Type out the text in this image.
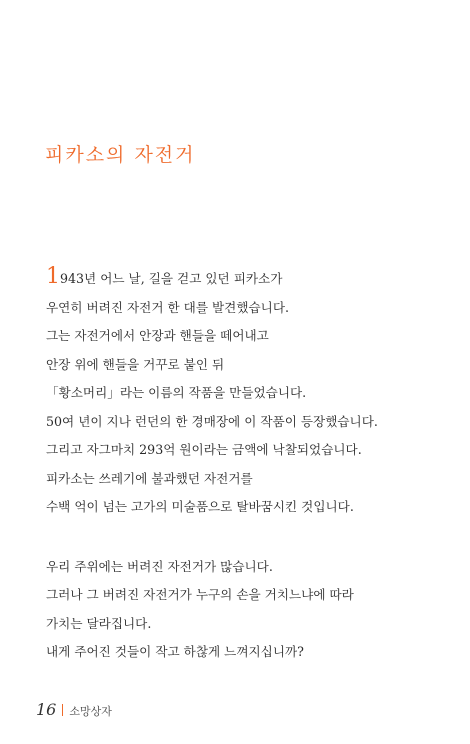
피카소의 자전거
1943년 어느 날, 길을 걷고 있던 피카소가
우연히 버려진 자전거 한 대를 발견했습니다.
그는 자전거에서 안장과 핸들을 떼어내고
안장 위에 핸들을 거꾸로 붙인 뒤
「황소머리」라는 이름의 작품을 만들었습니다.
50여 년이 지나 런던의 한 경매장에 이 작품이 등장했습니다.
그리고 자그마치 293억 원이라는 금액에 낙찰되었습니다.
피카소는 쓰레기에 불과했던 자전거를
수백 억이 넘는 고가의 미술품으로 탈바꿈시킨 것입니다.
우리 주위에는 버려진 자전거가 많습니다.
그러나 그 버려진 자전거가 누구의 손을 거치느냐에 따라
가치는 달라집니다.
내게 주어진 것들이 작고 하찮게 느껴지십니까?
16 소망상자
